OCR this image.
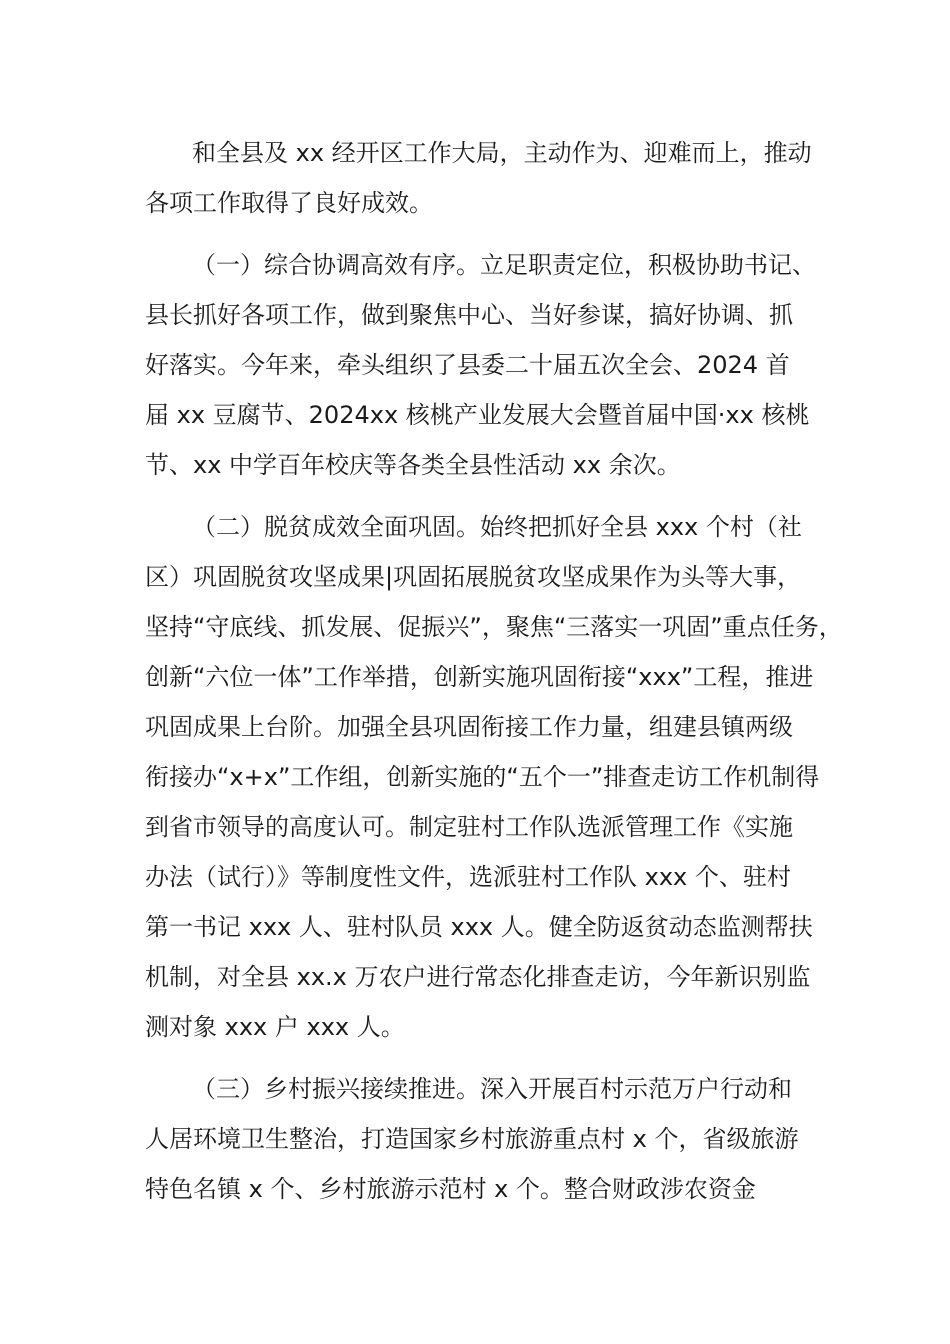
和全县及 xx 经开区工作大局，主动作为、迎难而上，推动
各项工作取得了良好成效。
（一）综合协调高效有序。立足职责定位，积极协助书记、
县长抓好各项工作，做到聚焦中心、当好参谋，搞好协调、抓
好落实。今年来，牵头组织了县委二十届五次全会、2024 首
届 xx 豆腐节、2024xx 核桃产业发展大会暨首届中国·xx 核桃
节、xx 中学百年校庆等各类全县性活动 xx 余次。
（二）脱贫成效全面巩固。始终把抓好全县 xxx 个村（社
区）巩固脱贫攻坚成果|巩固拓展脱贫攻坚成果作为头等大事，
坚持“守底线、抓发展、促振兴”，聚焦“三落实一巩固”重点任务，
创新“六位一体”工作举措，创新实施巩固衔接“xxx”工程，推进
巩固成果上台阶。加强全县巩固衔接工作力量，组建县镇两级
衔接办“x+x”工作组，创新实施的“五个一”排查走访工作机制得
到省市领导的高度认可。制定驻村工作队选派管理工作《实施
办法（试行）》等制度性文件，选派驻村工作队 xxx 个、驻村
第一书记 xxx 人、驻村队员 xxx 人。健全防返贫动态监测帮扶
机制，对全县 xx.x 万农户进行常态化排查走访，今年新识别监
测对象 xxx 户 xxx 人。
（三）乡村振兴接续推进。深入开展百村示范万户行动和
人居环境卫生整治，打造国家乡村旅游重点村 x 个，省级旅游
特色名镇 x 个、乡村旅游示范村 x 个。整合财政涉农资金
